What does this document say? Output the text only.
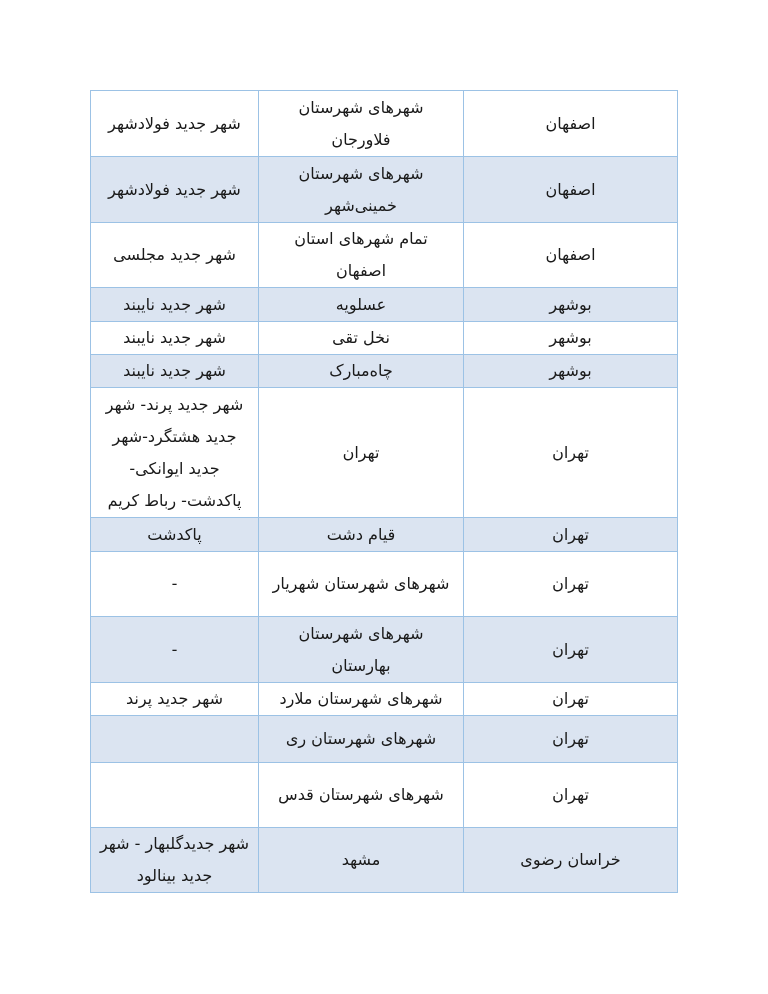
اصفهان	شهرهای شهرستان فلاورجان	شهر جدید فولادشهر
اصفهان	شهرهای شهرستان خمینی‌شهر	شهر جدید فولادشهر
اصفهان	تمام شهرهای استان اصفهان	شهر جدید مجلسی
بوشهر	عسلویه	شهر جدید نایبند
بوشهر	نخل تقی	شهر جدید نایبند
بوشهر	چاه‌مبارک	شهر جدید نایبند
تهران	تهران	شهر جدید پرند- شهر جدید هشتگرد-شهر جدید ایوانکی- پاکدشت- رباط کریم
تهران	قیام دشت	پاکدشت
تهران	شهرهای شهرستان شهریار	-
تهران	شهرهای شهرستان بهارستان	-
تهران	شهرهای شهرستان ملارد	شهر جدید پرند
تهران	شهرهای شهرستان ری	
تهران	شهرهای شهرستان قدس	
خراسان رضوی	مشهد	شهر جدیدگلبهار - شهر جدید بینالود
